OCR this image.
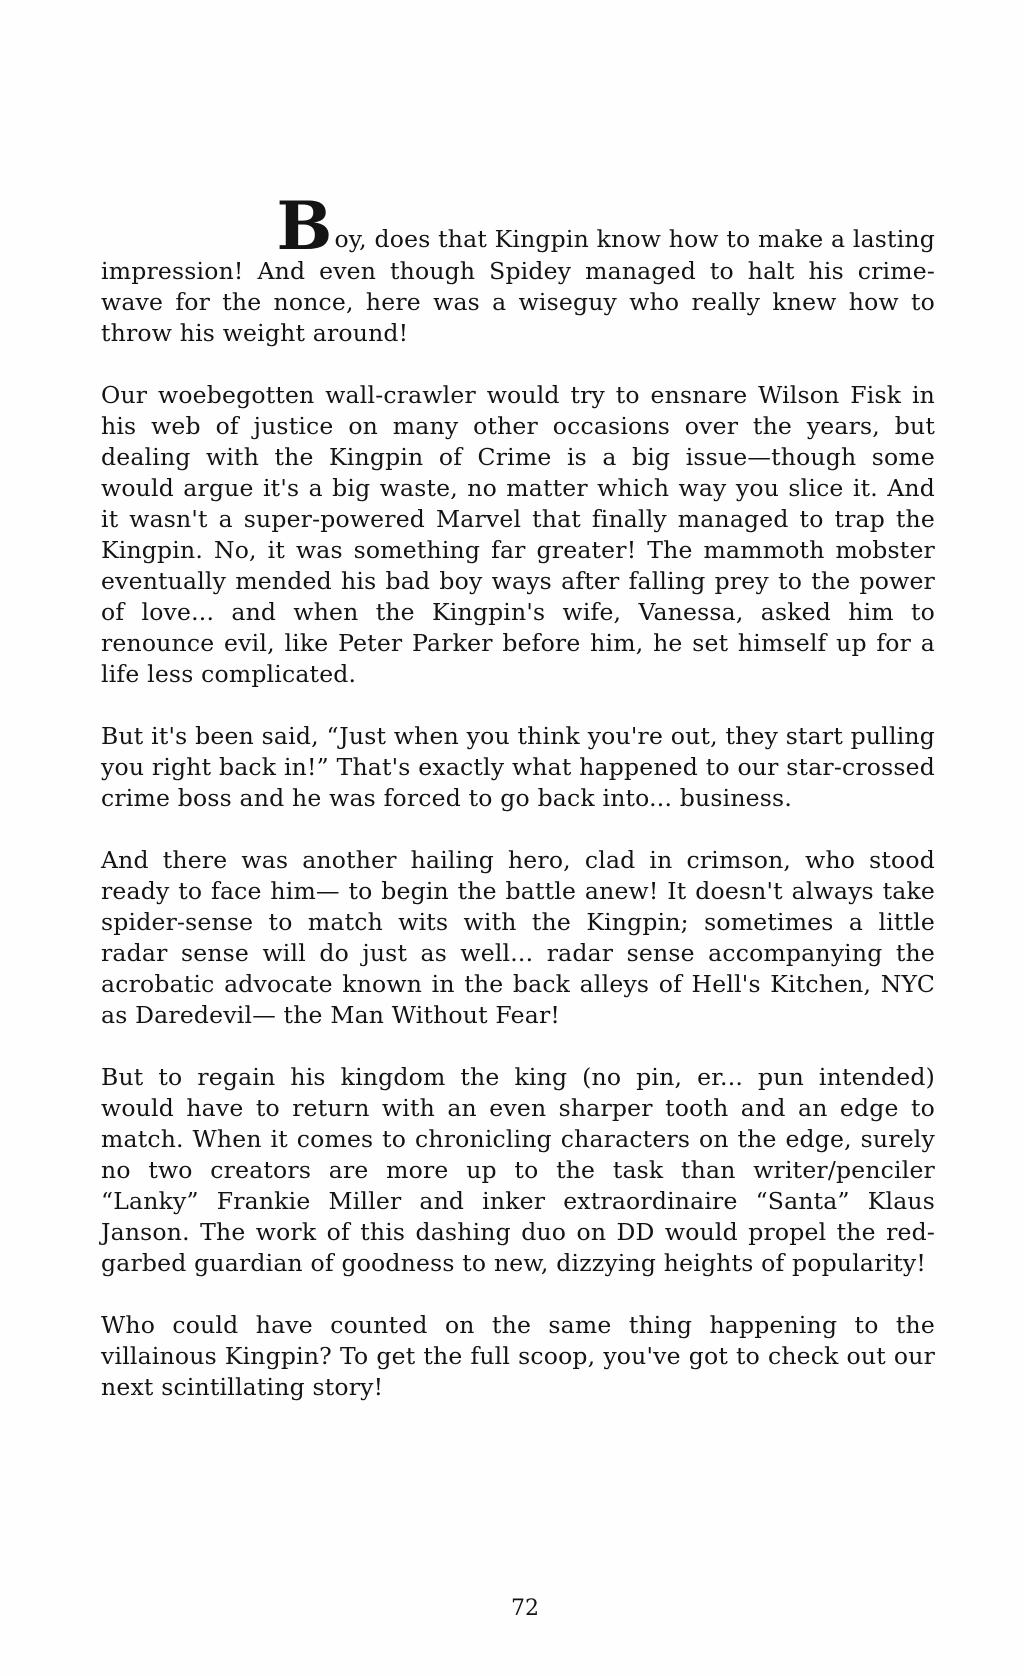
Boy, does that Kingpin know how to make a lasting
impression! And even though Spidey managed to halt his crime-wave for the nonce, here was a wiseguy who really knew how to throw his weight around!

Our woebegotten wall-crawler would try to ensnare Wilson Fisk in his web of justice on many other occasions over the years, but dealing with the Kingpin of Crime is a big issue—though some would argue it's a big waste, no matter which way you slice it. And it wasn't a super-powered Marvel that finally managed to trap the Kingpin. No, it was something far greater! The mammoth mobster eventually mended his bad boy ways after falling prey to the power of love... and when the Kingpin's wife, Vanessa, asked him to renounce evil, like Peter Parker before him, he set himself up for a life less complicated.

But it's been said, “Just when you think you're out, they start pulling you right back in!” That's exactly what happened to our star-crossed crime boss and he was forced to go back into... business.

And there was another hailing hero, clad in crimson, who stood ready to face him— to begin the battle anew! It doesn't always take spider-sense to match wits with the Kingpin; sometimes a little radar sense will do just as well... radar sense accompanying the acrobatic advocate known in the back alleys of Hell's Kitchen, NYC as Daredevil— the Man Without Fear!

But to regain his kingdom the king (no pin, er... pun intended) would have to return with an even sharper tooth and an edge to match. When it comes to chronicling characters on the edge, surely no two creators are more up to the task than writer/penciler “Lanky” Frankie Miller and inker extraordinaire “Santa” Klaus Janson. The work of this dashing duo on DD would propel the red-garbed guardian of goodness to new, dizzying heights of popularity!

Who could have counted on the same thing happening to the villainous Kingpin? To get the full scoop, you've got to check out our next scintillating story!

72
